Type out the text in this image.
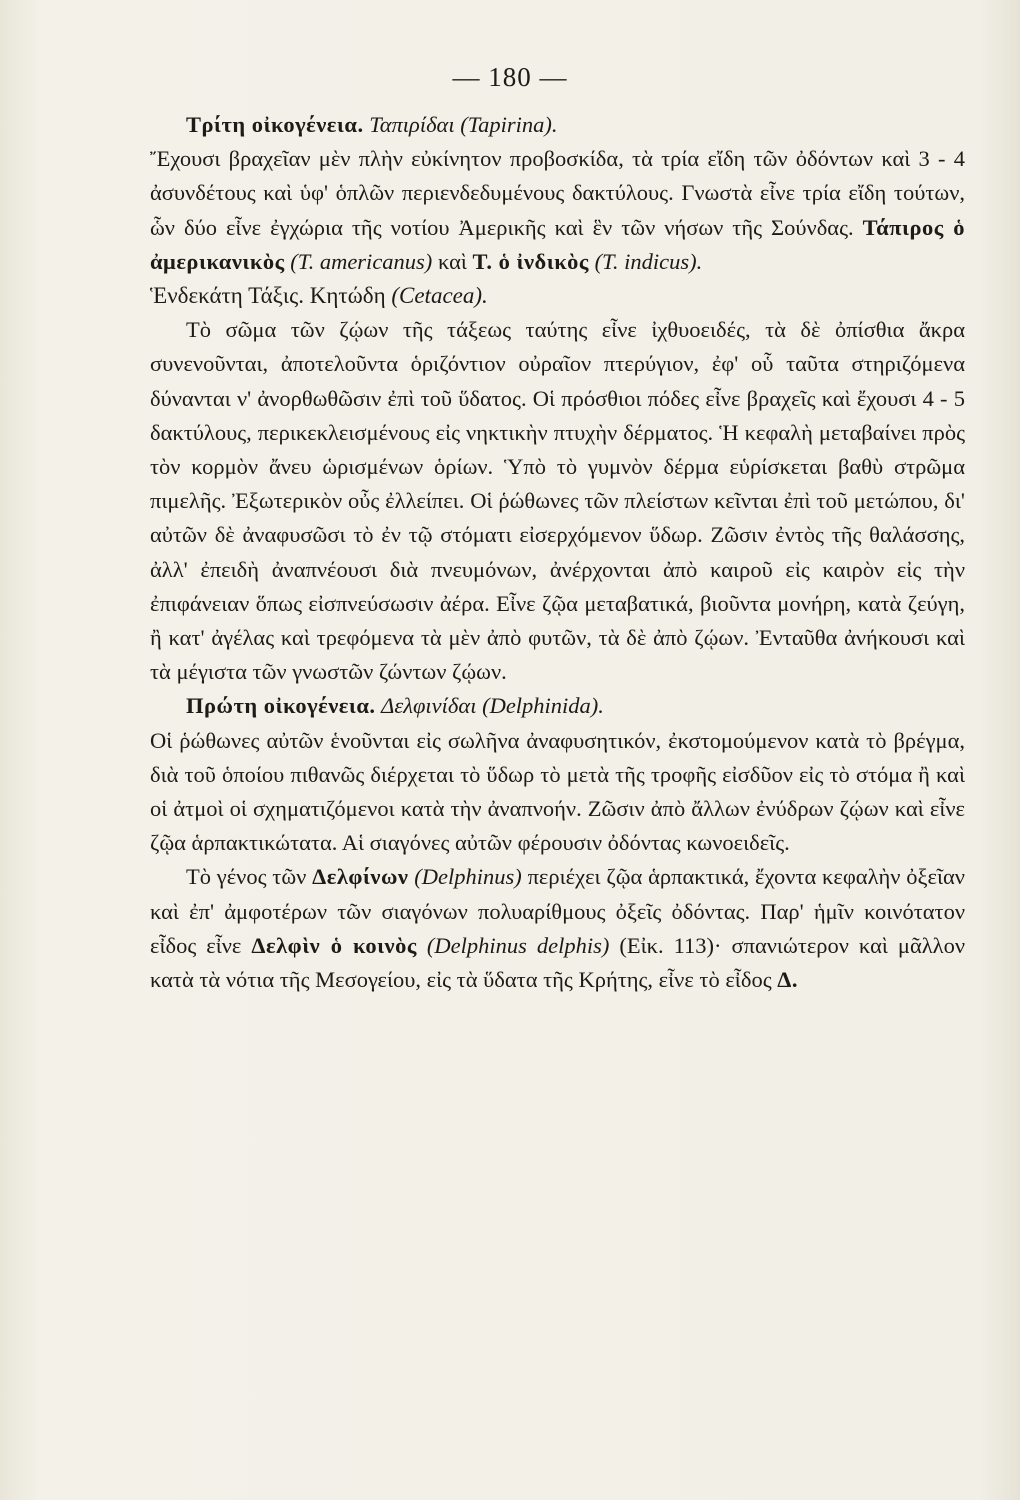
— 180 —

Τρίτη οἰκογένεια. Ταπιρίδαι (Tapirina).
Ἔχουσι βραχεῖαν μὲν πλὴν εὐκίνητον προβοσκίδα, τὰ τρία εἴδη τῶν ὀδόντων καὶ 3 - 4 ἀσυνδέτους καὶ ὑφ' ὁπλῶν περιενδεδυμένους δακτύλους. Γνωστὰ εἶνε τρία εἴδη τούτων, ὧν δύο εἶνε ἐγχώρια τῆς νοτίου Ἀμερικῆς καὶ ἓν τῶν νήσων τῆς Σούνδας. Τάπιρος ὁ ἀμερικανικὸς (T. americanus) καὶ Τ. ὁ ἰνδικὸς (T. indicus).

Ἑνδεκάτη Τάξις. Κητώδη (Cetacea).

Τὸ σῶμα τῶν ζῴων τῆς τάξεως ταύτης εἶνε ἰχθυοειδές, τὰ δὲ ὀπίσθια ἄκρα συνενοῦνται, ἀποτελοῦντα ὁριζόντιον οὐραῖον πτερύγιον, ἐφ' οὗ ταῦτα στηριζόμενα δύνανται ν' ἀνορθωθῶσιν ἐπὶ τοῦ ὕδατος. Οἱ πρόσθιοι πόδες εἶνε βραχεῖς καὶ ἔχουσι 4 - 5 δακτύλους, περικεκλεισμένους εἰς νηκτικὴν πτυχὴν δέρματος. Ἡ κεφαλὴ μεταβαίνει πρὸς τὸν κορμὸν ἄνευ ὡρισμένων ὁρίων. Ὑπὸ τὸ γυμνὸν δέρμα εὑρίσκεται βαθὺ στρῶμα πιμελῆς. Ἐξωτερικὸν οὖς ἐλλείπει. Οἱ ῥώθωνες τῶν πλείστων κεῖνται ἐπὶ τοῦ μετώπου, δι' αὐτῶν δὲ ἀναφυσῶσι τὸ ἐν τῷ στόματι εἰσερχόμενον ὕδωρ. Ζῶσιν ἐντὸς τῆς θαλάσσης, ἀλλ' ἐπειδὴ ἀναπνέουσι διὰ πνευμόνων, ἀνέρχονται ἀπὸ καιροῦ εἰς καιρὸν εἰς τὴν ἐπιφάνειαν ὅπως εἰσπνεύσωσιν ἀέρα. Εἶνε ζῷα μεταβατικά, βιοῦντα μονήρη, κατὰ ζεύγη, ἢ κατ' ἀγέλας καὶ τρεφόμενα τὰ μὲν ἀπὸ φυτῶν, τὰ δὲ ἀπὸ ζῴων. Ἐνταῦθα ἀνήκουσι καὶ τὰ μέγιστα τῶν γνωστῶν ζώντων ζῴων.

Πρώτη οἰκογένεια. Δελφινίδαι (Delphinida).
Οἱ ῥώθωνες αὐτῶν ἑνοῦνται εἰς σωλῆνα ἀναφυσητικόν, ἐκστομούμενον κατὰ τὸ βρέγμα, διὰ τοῦ ὁποίου πιθανῶς διέρχεται τὸ ὕδωρ τὸ μετὰ τῆς τροφῆς εἰσδῦον εἰς τὸ στόμα ἢ καὶ οἱ ἀτμοὶ οἱ σχηματιζόμενοι κατὰ τὴν ἀναπνοήν. Ζῶσιν ἀπὸ ἄλλων ἐνύδρων ζῴων καὶ εἶνε ζῷα ἁρπακτικώτατα. Αἱ σιαγόνες αὐτῶν φέρουσιν ὀδόντας κωνοειδεῖς.

Τὸ γένος τῶν Δελφίνων (Delphinus) περιέχει ζῷα ἁρπακτικά, ἔχοντα κεφαλὴν ὀξεῖαν καὶ ἐπ' ἀμφοτέρων τῶν σιαγόνων πολυαρίθμους ὀξεῖς ὀδόντας. Παρ' ἡμῖν κοινότατον εἶδος εἶνε Δελφὶν ὁ κοινὸς (Delphinus delphis) (Εἰκ. 113)· σπανιώτερον καὶ μᾶλλον κατὰ τὰ νότια τῆς Μεσογείου, εἰς τὰ ὕδατα τῆς Κρήτης, εἶνε τὸ εἶδος Δ.
